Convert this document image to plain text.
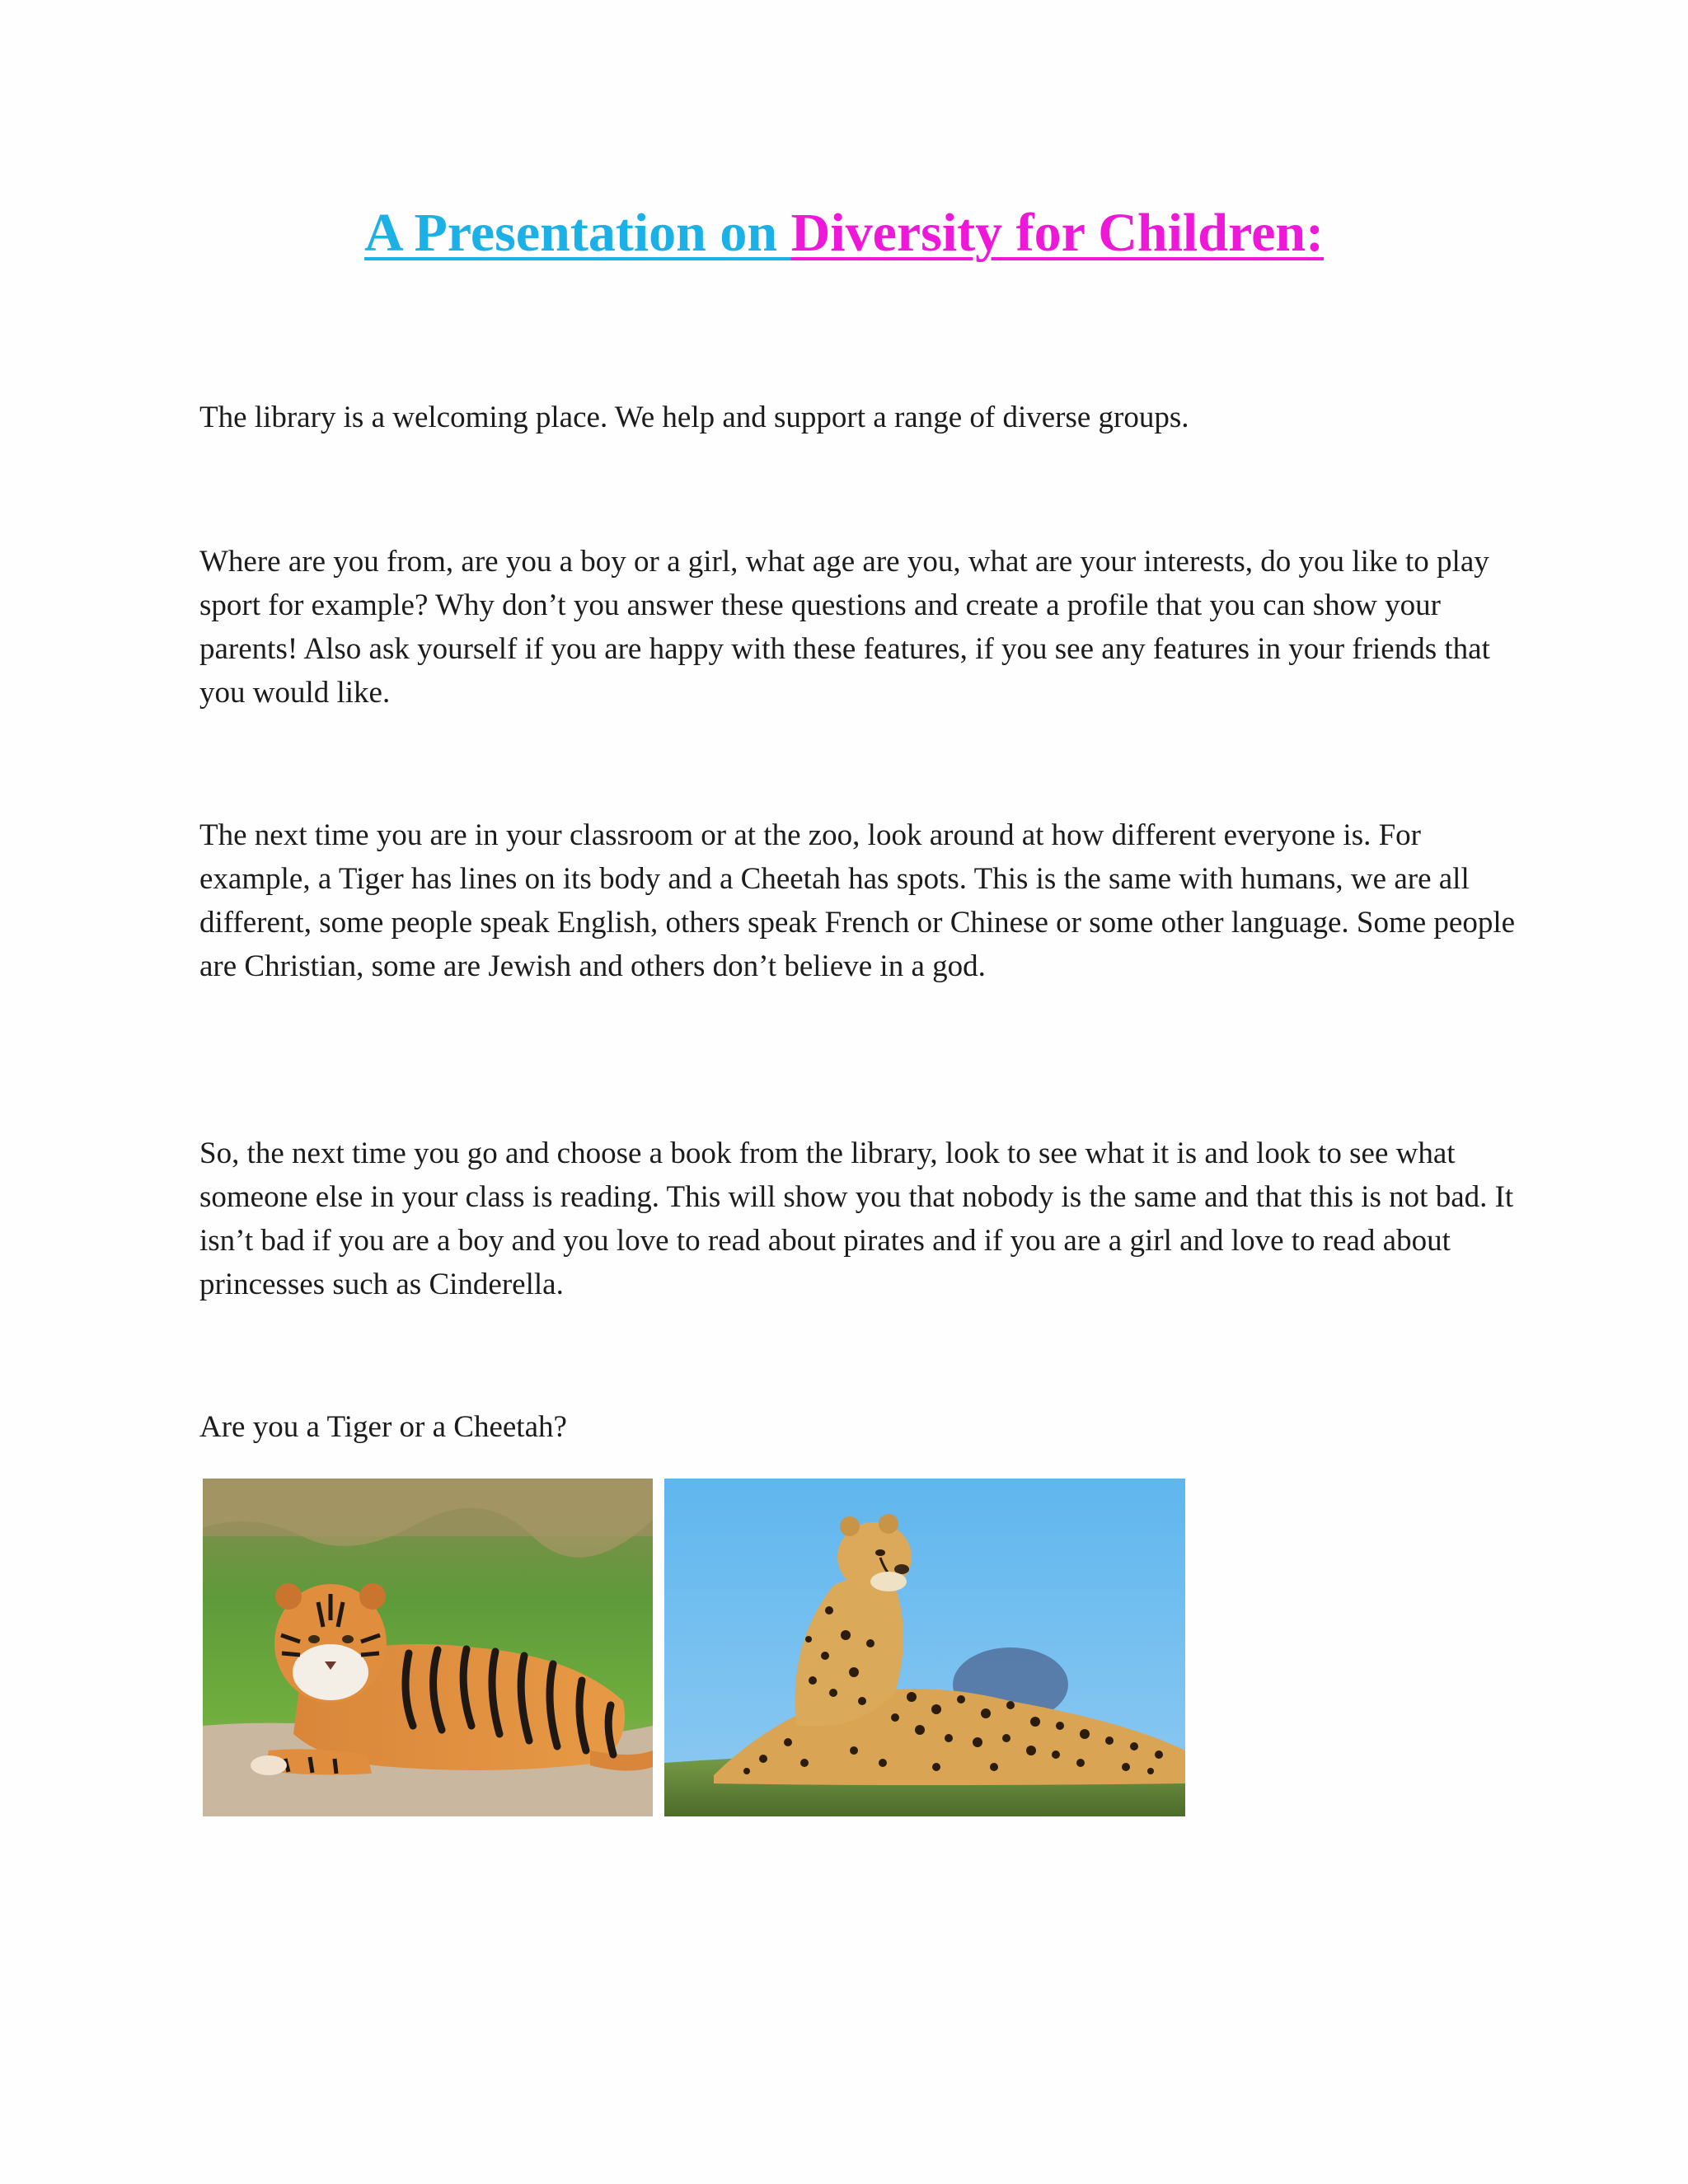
A Presentation on Diversity for Children:

The library is a welcoming place. We help and support a range of diverse groups.

Where are you from, are you a boy or a girl, what age are you, what are your interests, do you like to play sport for example? Why don’t you answer these questions and create a profile that you can show your parents! Also ask yourself if you are happy with these features, if you see any features in your friends that you would like.

The next time you are in your classroom or at the zoo, look around at how different everyone is. For example, a Tiger has lines on its body and a Cheetah has spots. This is the same with humans, we are all different, some people speak English, others speak French or Chinese or some other language. Some people are Christian, some are Jewish and others don’t believe in a god.

So, the next time you go and choose a book from the library, look to see what it is and look to see what someone else in your class is reading. This will show you that nobody is the same and that this is not bad. It isn’t bad if you are a boy and you love to read about pirates and if you are a girl and love to read about princesses such as Cinderella.

Are you a Tiger or a Cheetah?
